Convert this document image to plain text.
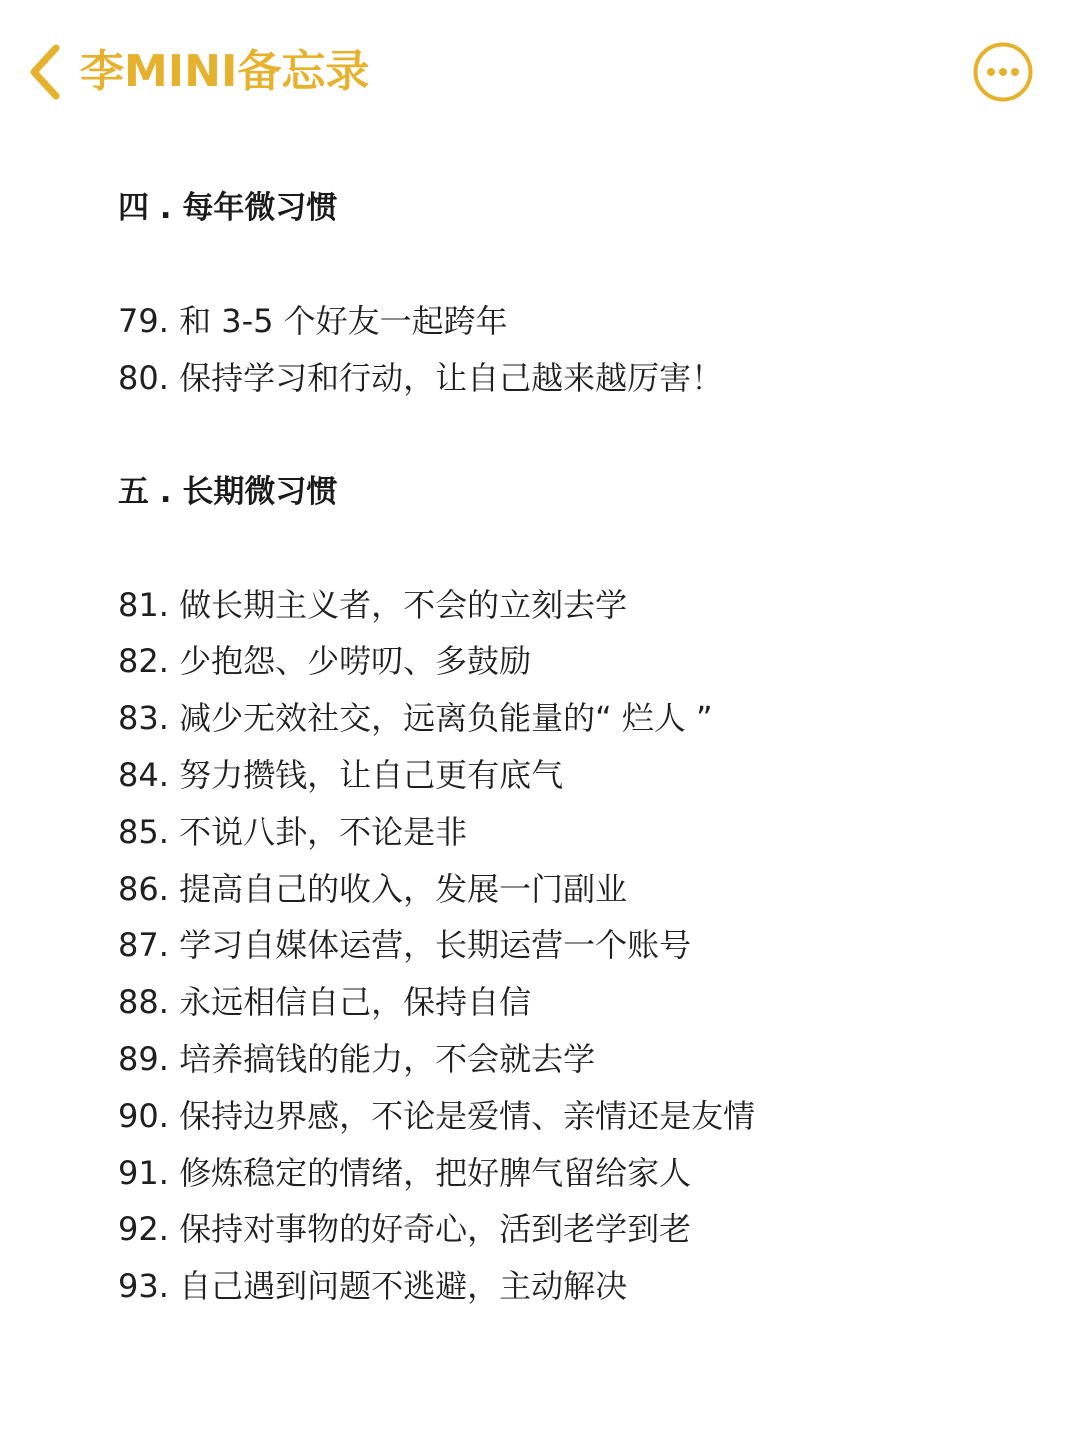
李MINI备忘录
四 . 每年微习惯
79. 和 3-5 个好友一起跨年
80. 保持学习和行动，让自己越来越厉害！
五 . 长期微习惯
81. 做长期主义者，不会的立刻去学
82. 少抱怨、少唠叨、多鼓励
83. 减少无效社交，远离负能量的“ 烂人 ”
84. 努力攒钱，让自己更有底气
85. 不说八卦，不论是非
86. 提高自己的收入，发展一门副业
87. 学习自媒体运营，长期运营一个账号
88. 永远相信自己，保持自信
89. 培养搞钱的能力，不会就去学
90. 保持边界感，不论是爱情、亲情还是友情
91. 修炼稳定的情绪，把好脾气留给家人
92. 保持对事物的好奇心，活到老学到老
93. 自己遇到问题不逃避，主动解决
